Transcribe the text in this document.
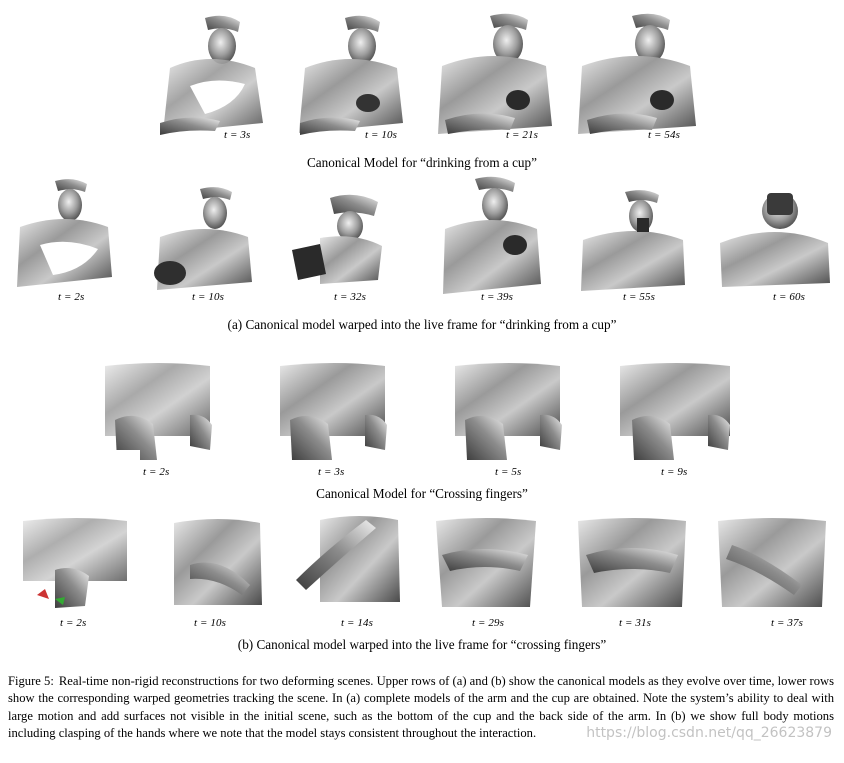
t = 3s	t = 10s	t = 21s	t = 54s
Canonical Model for “drinking from a cup”
t = 2s	t = 10s	t = 32s	t = 39s	t = 55s	t = 60s
(a) Canonical model warped into the live frame for “drinking from a cup”
t = 2s	t = 3s	t = 5s	t = 9s
Canonical Model for “Crossing fingers”
t = 2s	t = 10s	t = 14s	t = 29s	t = 31s	t = 37s
(b) Canonical model warped into the live frame for “crossing fingers”
Figure 5: Real-time non-rigid reconstructions for two deforming scenes. Upper rows of (a) and (b) show the canonical models as they evolve over time, lower rows show the corresponding warped geometries tracking the scene. In (a) complete models of the arm and the cup are obtained. Note the system’s ability to deal with large motion and add surfaces not visible in the initial scene, such as the bottom of the cup and the back side of the arm. In (b) we show full body motions including clasping of the hands where we note that the model stays consistent throughout the interaction.	https://blog.csdn.net/qq_26623879
